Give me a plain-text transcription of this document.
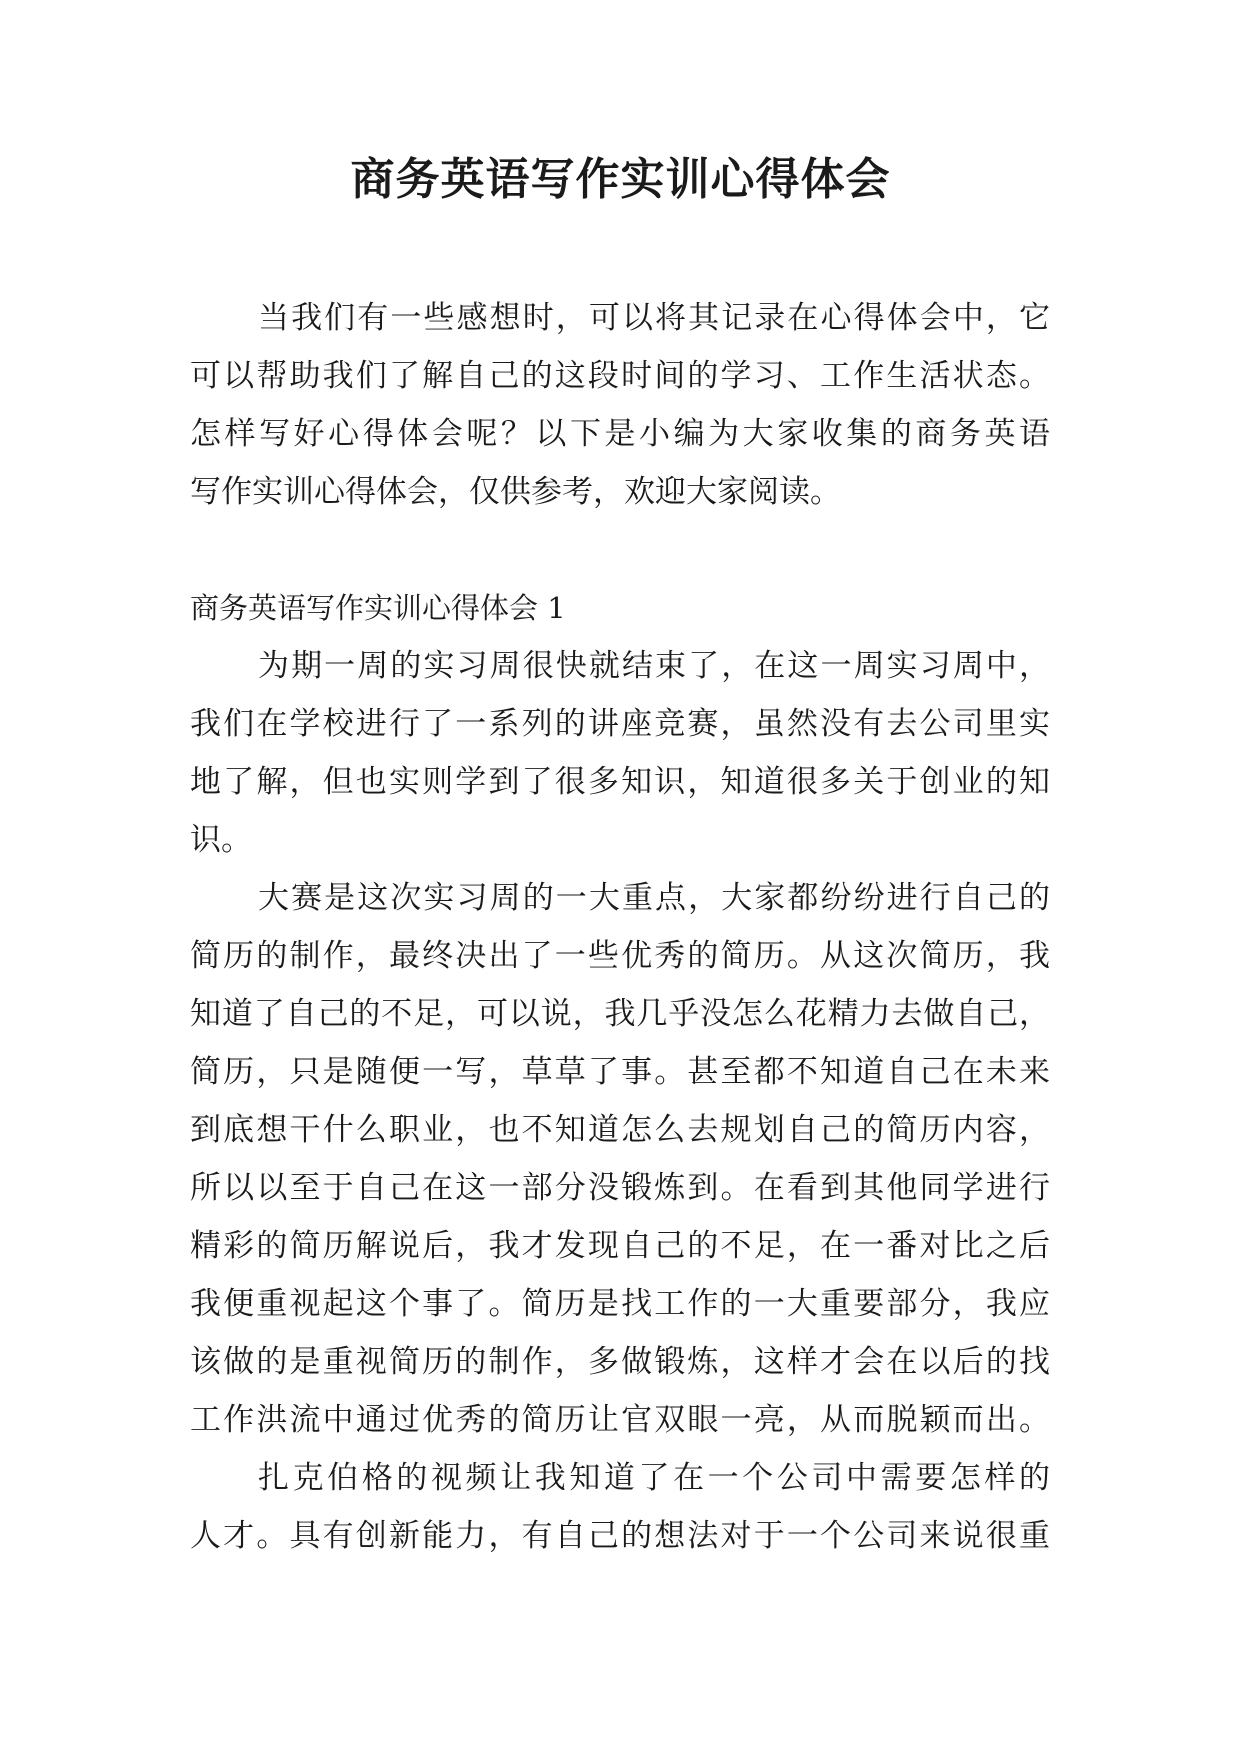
商务英语写作实训心得体会
当我们有一些感想时，可以将其记录在心得体会中，它
可以帮助我们了解自己的这段时间的学习、工作生活状态。
怎样写好心得体会呢？以下是小编为大家收集的商务英语
写作实训心得体会，仅供参考，欢迎大家阅读。
商务英语写作实训心得体会 1
为期一周的实习周很快就结束了，在这一周实习周中，
我们在学校进行了一系列的讲座竞赛，虽然没有去公司里实
地了解，但也实则学到了很多知识，知道很多关于创业的知
识。
大赛是这次实习周的一大重点，大家都纷纷进行自己的
简历的制作，最终决出了一些优秀的简历。从这次简历，我
知道了自己的不足，可以说，我几乎没怎么花精力去做自己，
简历，只是随便一写，草草了事。甚至都不知道自己在未来
到底想干什么职业，也不知道怎么去规划自己的简历内容，
所以以至于自己在这一部分没锻炼到。在看到其他同学进行
精彩的简历解说后，我才发现自己的不足，在一番对比之后
我便重视起这个事了。简历是找工作的一大重要部分，我应
该做的是重视简历的制作，多做锻炼，这样才会在以后的找
工作洪流中通过优秀的简历让官双眼一亮，从而脱颖而出。
扎克伯格的视频让我知道了在一个公司中需要怎样的
人才。具有创新能力，有自己的想法对于一个公司来说很重
